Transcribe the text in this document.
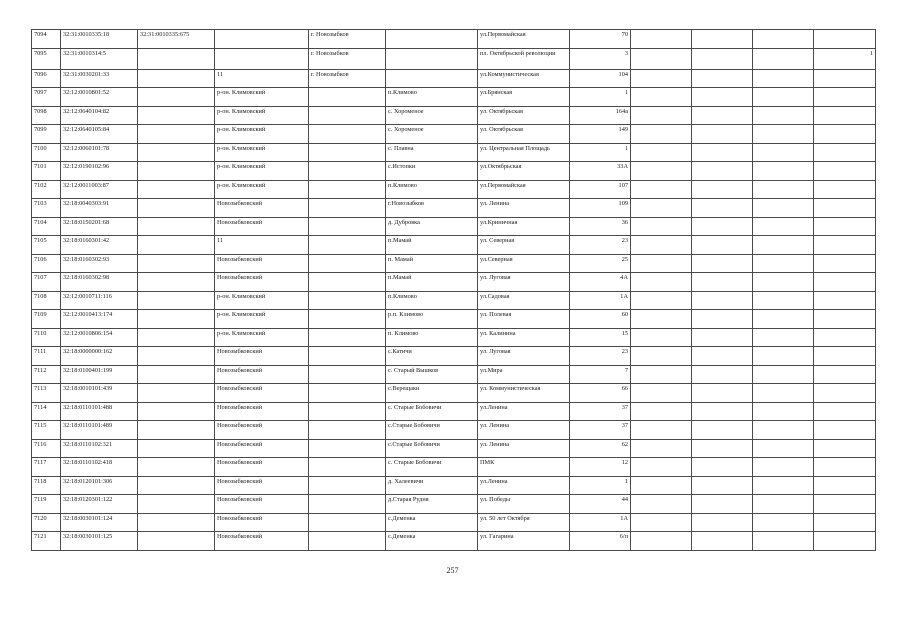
7094	32:31:0010335:18	32:31:0010335:675		г. Новозыбков		ул.Первомайская	70				
7095	32:31:0010314:5			г. Новозыбков		пл. Октябрьской революции	3				1
7096	32:31:0030201:33		11	г. Новозыбков		ул.Коммунистическая	104				
7097	32:12:0010801:52		р-он. Климовский		п.Климово	ул.Брянская	1				
7098	32:12:0640104:82		р-он. Климовский		с. Хороменое	ул. Октябрьская	164а				
7099	32:12:0640105:84		р-он. Климовский		с. Хороменое	ул. Октябрьская	149				
7100	32:12:0060101:78		р-он. Климовский		с. Плавна	ул. Центральная Площадь	1				
7101	32:12:0190102:96		р-он. Климовский		с.Истопки	ул.Октябрьская	33А				
7102	32:12:0011003:87		р-он. Климовский		п.Климово	ул.Первомайская	107				
7103	32:18:0040303:91		Новозыбковский		г.Новозыбков	ул. Ленина	109				
7104	32:18:0150201:68		Новозыбковский		д. Дубровка	ул.Криничная	36				
7105	32:18:0160301:42		11		п.Мамай	ул. Северная	23				
7106	32:18:0160302:93		Новозыбковский		п. Мамай	ул.Северная	25				
7107	32:18:0160302:98		Новозыбковский		п.Мамай	ул. Луговая	4А				
7108	32:12:0010711:116		р-он. Климовский		п.Климово	ул.Садовая	1А				
7109	32:12:0010413:174		р-он. Климовский		р.п. Климово	ул. Полевая	60				
7110	32:12:0010806:154		р-он. Климовский		п. Климово	ул. Калинина	15				
7111	32:18:0000000:162		Новозыбковский		с.Катичи	ул. Луговая	23				
7112	32:18:0100401:199		Новозыбковский		с. Старый Вышков	ул.Мира	7				
7113	32:18:0010101:439		Новозыбковский		с.Верещаки	ул. Коммунистическая	66				
7114	32:18:0110101:488		Новозыбковский		с. Старые Бобовичи	ул.Ленина	37				
7115	32:18:0110101:489		Новозыбковский		с.Старые Бобовичи	ул. Ленина	37				
7116	32:18:0110102:321		Новозыбковский		с.Старые Бобовичи	ул. Ленина	62				
7117	32:18:0110102:418		Новозыбковский		с. Старые Бобовичи	ПМК	12				
7118	32:18:0120101:306		Новозыбковский		д. Халеевичи	ул.Ленина	1				
7119	32:18:0120301:122		Новозыбковский		д.Старая Рудня	ул. Победы	44				
7120	32:18:0030101:124		Новозыбковский		с.Деменка	ул. 50 лет Октября	1А				
7121	32:18:0030101:125		Новозыбковский		с.Деменка	ул. Гагарина	6/п				
257
